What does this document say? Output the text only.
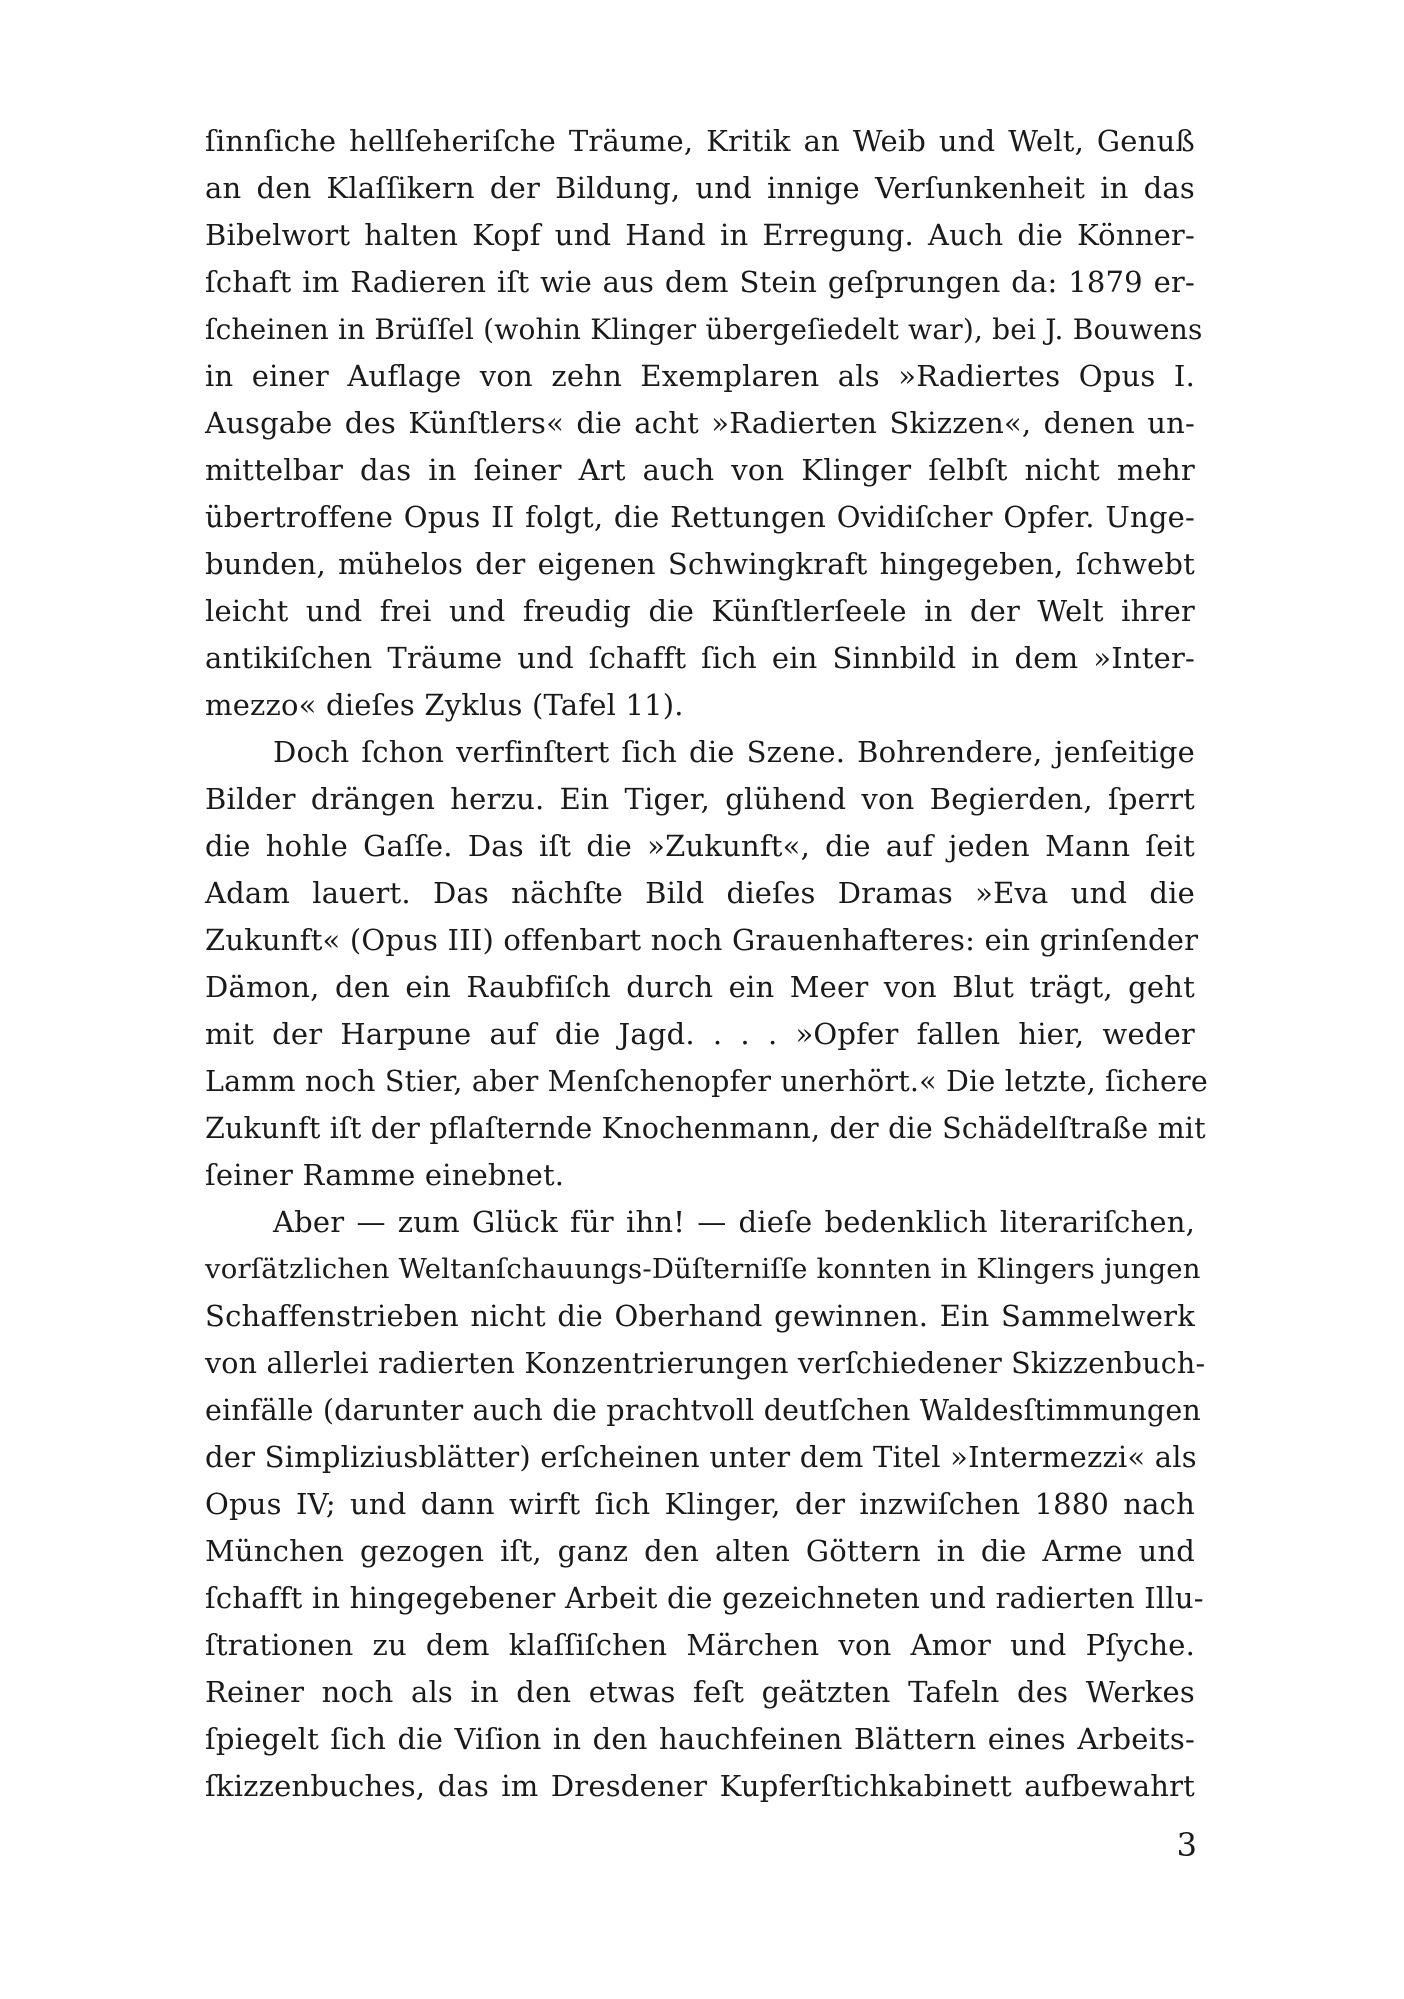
ſinnſiche hellſeheriſche Träume, Kritik an Weib und Welt, Genuß
an den Klaſſikern der Bildung, und innige Verſunkenheit in das
Bibelwort halten Kopf und Hand in Erregung. Auch die Könner-
ſchaft im Radieren iſt wie aus dem Stein geſprungen da: 1879 er-
ſcheinen in Brüſſel (wohin Klinger übergeſiedelt war), bei J. Bouwens
in einer Auflage von zehn Exemplaren als »Radiertes Opus I.
Ausgabe des Künſtlers« die acht »Radierten Skizzen«, denen un-
mittelbar das in ſeiner Art auch von Klinger ſelbſt nicht mehr
übertroffene Opus II folgt, die Rettungen Ovidiſcher Opfer. Unge-
bunden, mühelos der eigenen Schwingkraft hingegeben, ſchwebt
leicht und frei und freudig die Künſtlerſeele in der Welt ihrer
antikiſchen Träume und ſchafft ſich ein Sinnbild in dem »Inter-
mezzo« dieſes Zyklus (Tafel 11).
Doch ſchon verfinſtert ſich die Szene. Bohrendere, jenſeitige
Bilder drängen herzu. Ein Tiger, glühend von Begierden, ſperrt
die hohle Gaſſe. Das iſt die »Zukunft«, die auf jeden Mann ſeit
Adam lauert. Das nächſte Bild dieſes Dramas »Eva und die
Zukunft« (Opus III) offenbart noch Grauenhafteres: ein grinſender
Dämon, den ein Raubfiſch durch ein Meer von Blut trägt, geht
mit der Harpune auf die Jagd. . . . »Opfer fallen hier, weder
Lamm noch Stier, aber Menſchenopfer unerhört.« Die letzte, ſichere
Zukunft iſt der pflaſternde Knochenmann, der die Schädelſtraße mit
ſeiner Ramme einebnet.
Aber — zum Glück für ihn! — dieſe bedenklich literariſchen,
vorſätzlichen Weltanſchauungs-Düſterniſſe konnten in Klingers jungen
Schaffenstrieben nicht die Oberhand gewinnen. Ein Sammelwerk
von allerlei radierten Konzentrierungen verſchiedener Skizzenbuch-
einfälle (darunter auch die prachtvoll deutſchen Waldesſtimmungen
der Simpliziusblätter) erſcheinen unter dem Titel »Intermezzi« als
Opus IV; und dann wirft ſich Klinger, der inzwiſchen 1880 nach
München gezogen iſt, ganz den alten Göttern in die Arme und
ſchafft in hingegebener Arbeit die gezeichneten und radierten Illu-
ſtrationen zu dem klaſſiſchen Märchen von Amor und Pſyche.
Reiner noch als in den etwas feſt geätzten Tafeln des Werkes
ſpiegelt ſich die Viſion in den hauchfeinen Blättern eines Arbeits-
ſkizzenbuches, das im Dresdener Kupferſtichkabinett aufbewahrt
3
